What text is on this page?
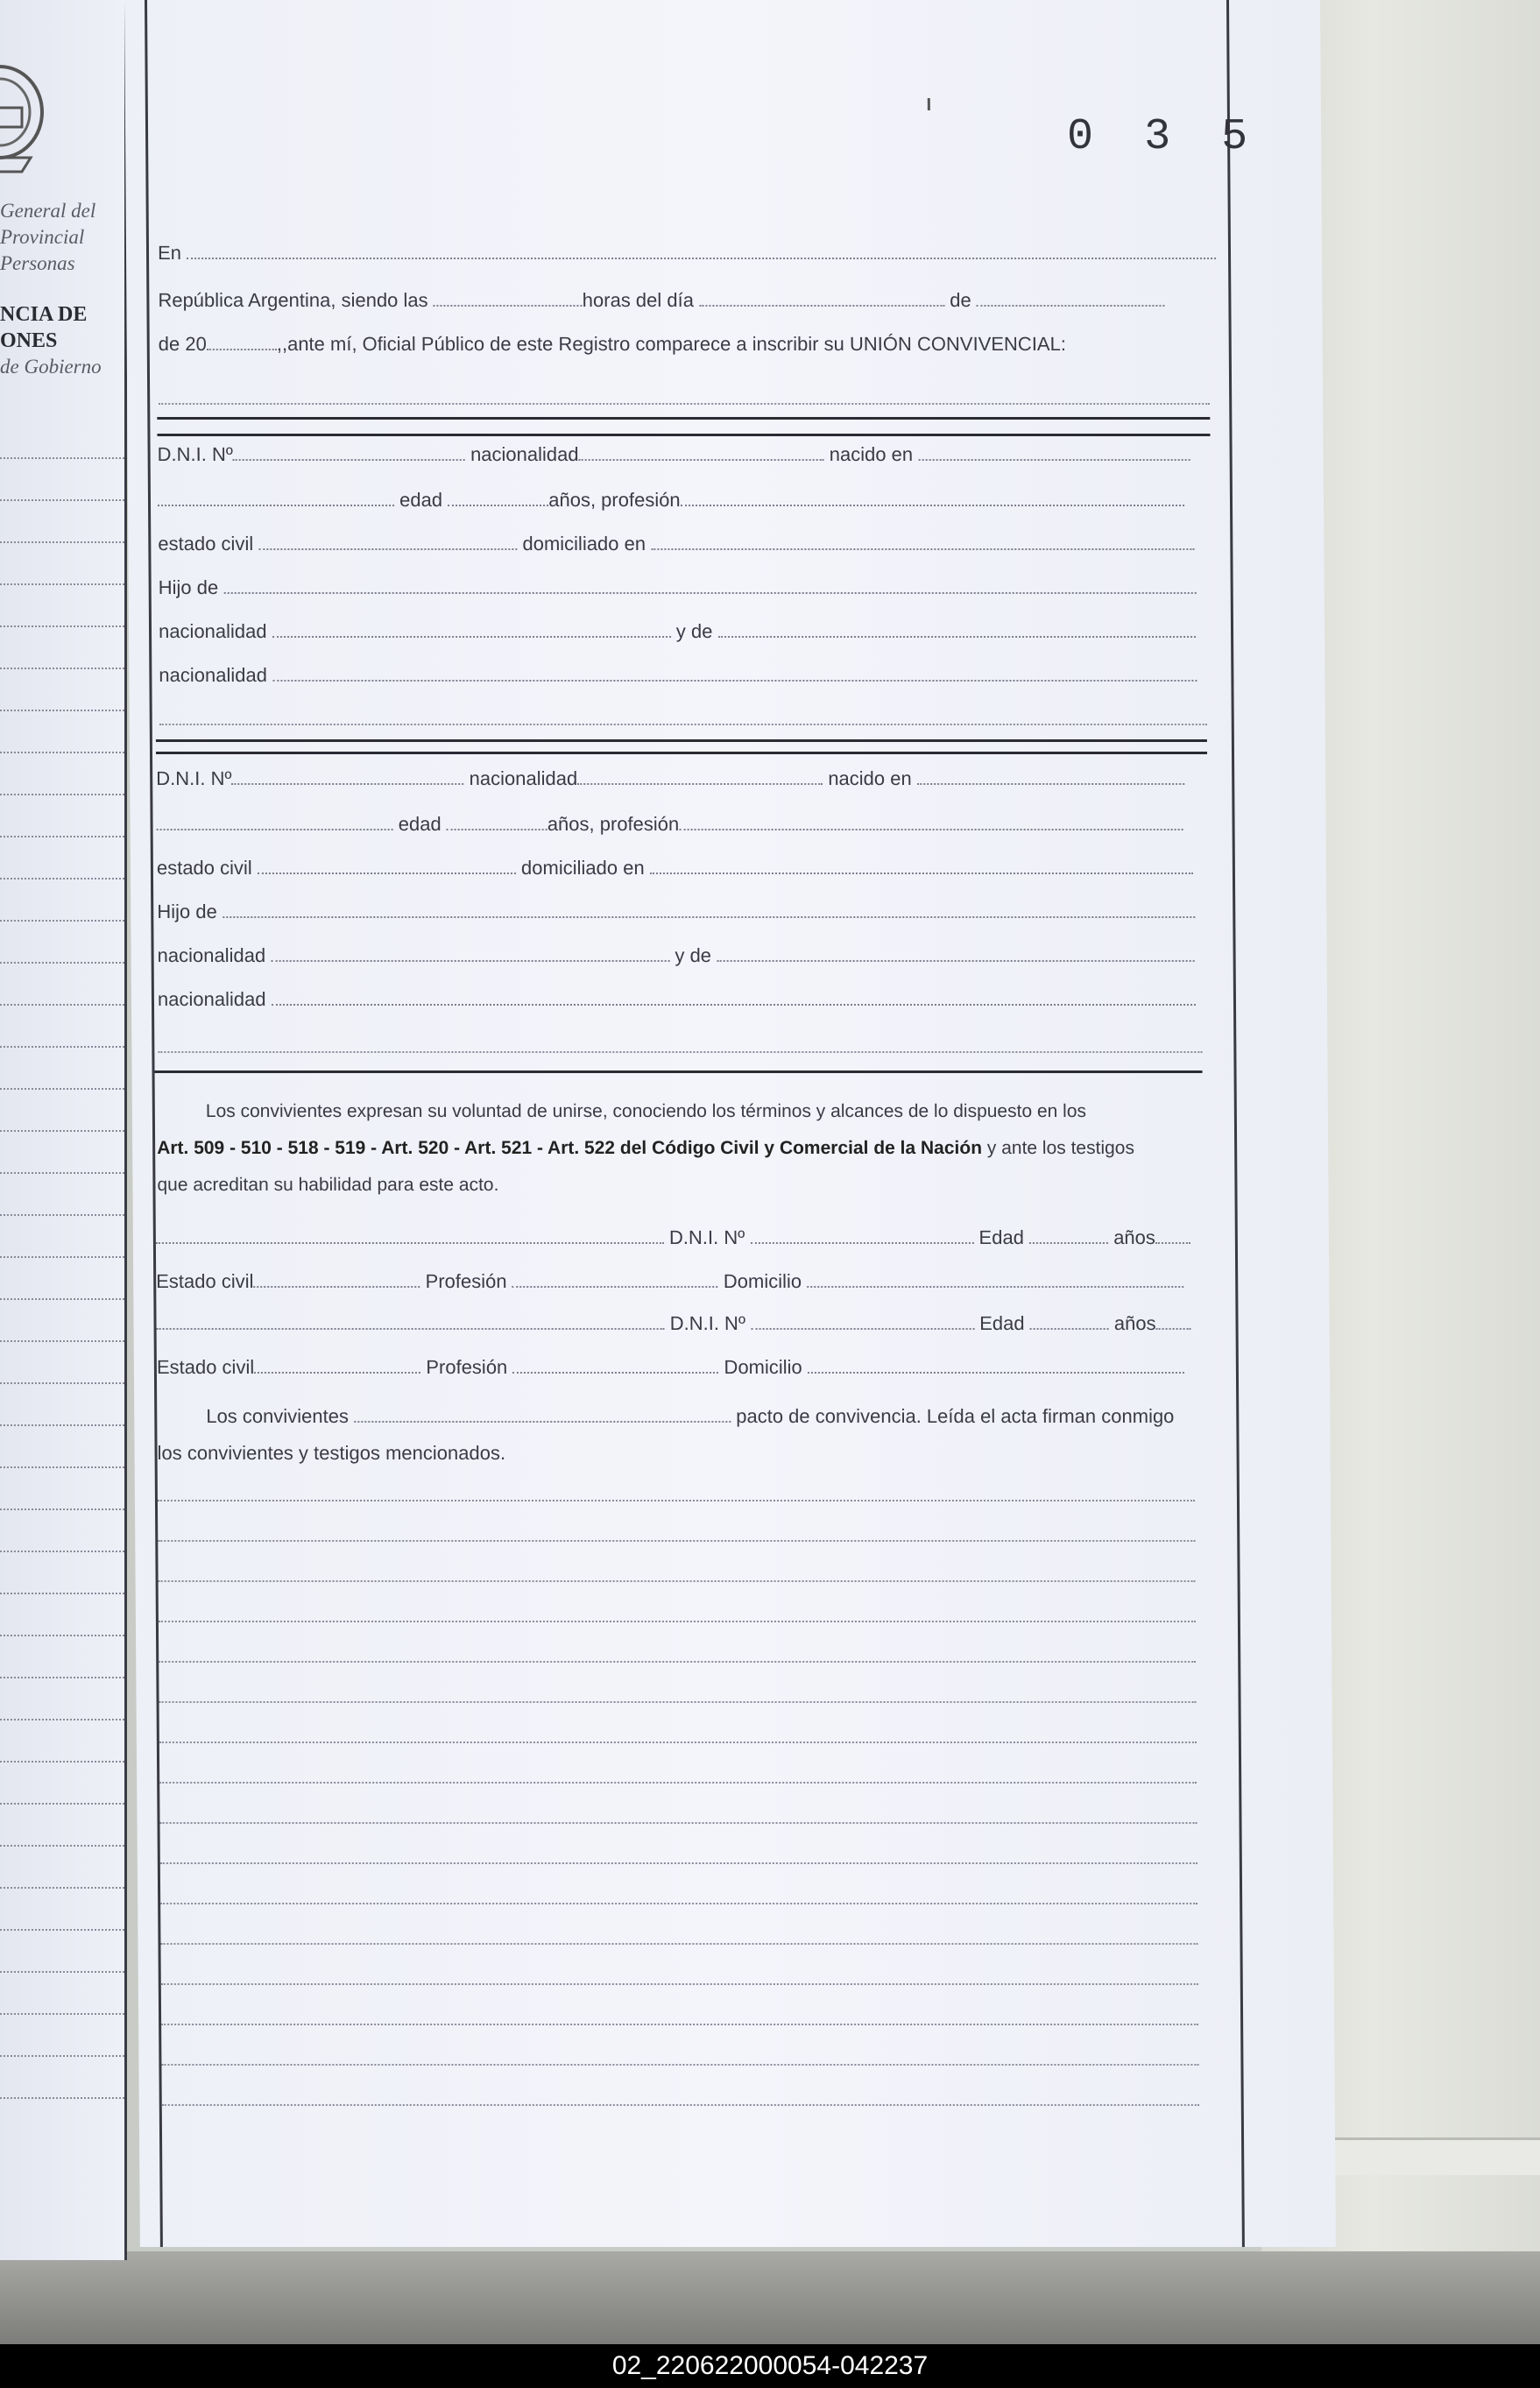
General del
Provincial
Personas
NCIA DE
ONES
de Gobierno
0 3 5
En
República Argentina, siendo las	horas del día	de
de 20	,,ante mí, Oficial Público de este Registro comparece a inscribir su UNIÓN CONVIVENCIAL:
D.N.I. Nº	nacionalidad	nacido en
edad	años, profesión
estado civil	domiciliado en
Hijo de
nacionalidad	y de
nacionalidad
D.N.I. Nº	nacionalidad	nacido en
edad	años, profesión
estado civil	domiciliado en
Hijo de
nacionalidad	y de
nacionalidad
Los convivientes expresan su voluntad de unirse, conociendo los términos y alcances de lo dispuesto en los
Art. 509 - 510 - 518 - 519 - Art. 520 - Art. 521 - Art. 522 del Código Civil y Comercial de la Nación y ante los testigos
que acreditan su habilidad para este acto.
D.N.I. Nº	Edad	años
Estado civil	Profesión	Domicilio
D.N.I. Nº	Edad	años
Estado civil	Profesión	Domicilio
Los convivientes	pacto de convivencia. Leída el acta firman conmigo
los convivientes y testigos mencionados.
02_220622000054-042237
